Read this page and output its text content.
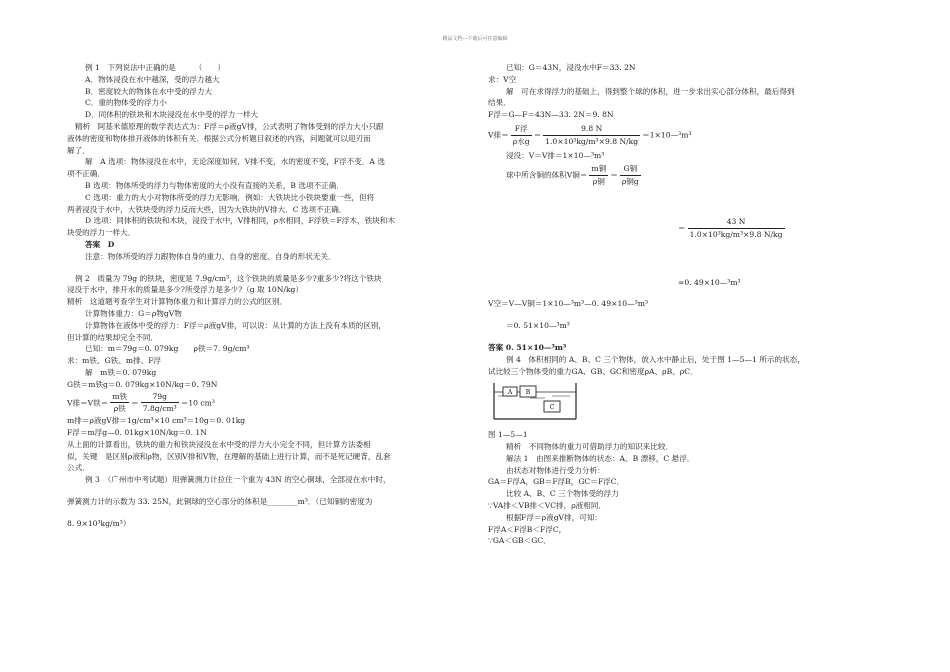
精品文档---下载后可任意编辑

例 1　下列说法中正确的是　　　（　　）

A．物体浸没在水中越深，受的浮力越大

B．密度较大的物体在水中受的浮力大

C．重的物体受的浮力小

D．同体积的铁块和木块浸没在水中受的浮力一样大

精析　阿基米德原理的数学表达式为：F浮＝ρ液gV排，公式表明了物体受到的浮力大小只跟

液体的密度和物体排开液体的体积有关．根据公式分析题目叙述的内容，问题就可以迎刃而

解了．

解　A 选项：物体浸没在水中，无论深度如何，V排不变，水的密度不变，F浮不变．A 选

项不正确．

B 选项：物体所受的浮力与物体密度的大小没有直接的关系，B 选项不正确．

C 选项：重力的大小对物体所受的浮力无影响．例如：大铁块比小铁块要重一些，但将

两者浸没于水中，大铁块受的浮力反而大些，因为大铁块的V排大．C 选项不正确．

D 选项：同体积的铁块和木块，浸没于水中，V排相同，ρ水相同，F浮铁＝F浮木，铁块和木

块受的浮力一样大．

答案　D

注意：物体所受的浮力跟物体自身的重力、自身的密度、自身的形状无关．

例 2　质量为 79g 的铁块，密度是 7.9g/cm³，这个铁块的质量是多少?重多少?将这个铁块

浸没于水中，排开水的质量是多少?所受浮力是多少?（g 取 10N/kg）

精析　这道题考查学生对计算物体重力和计算浮力的公式的区别．

计算物体重力：G＝ρ物gV物

计算物体在液体中受的浮力：F浮＝ρ液gV排，可以说：从计算的方法上没有本质的区别，

但计算的结果却完全不同．

已知：m＝79g＝0. 079kg　　ρ铁＝7. 9g/cm³

求：m铁、G铁、m排、F浮

解　m铁＝0. 079kg

G铁＝m铁g＝0. 079kg×10N/kg＝0. 79N

V排＝V铁＝ $\frac{\text{m铁}}{\text{ρ铁}} = \frac{79g}{\text{7.8g/cm³}} =10$ cm³

m排＝ρ液gV排＝1g/cm³×10 cm³＝10g＝0. 01kg

F浮＝m浮g—0. 01kg×10N/kg＝0. 1N

从上面的计算看出，铁块的重力和铁块浸没在水中受的浮力大小完全不同，但计算方法委相

似，关键　是区别ρ液和ρ物，区别V排和V物，在理解的基础上进行计算，而不是死记硬背，乱套

公式．

例 3　（广州市中考试题）用弹簧测力计拉住一个重为 43N 的空心铜球，全部浸在水中时，

弹簧测力计的示数为 33. 25N，此铜球的空心部分的体积是________m³．（已知铜的密度为

8. 9×10³kg/m³）

已知：G＝43N，浸没水中F＝33. 2N

求：V空

解　可在求得浮力的基础上，得到整个球的体积，进一步求出实心部分体积，最后得到

结果．

F浮＝G—F＝43N—33. 2N＝9. 8N

V排＝ $\frac{\text{F浮}}{\text{ρ水g}} = \frac{9.8 N}{\text{1.0×10³kg/m³×9.8 N/kg}}$ ＝1×10—³m³

浸没：V＝V排＝1×10—³m³

球中所含铜的体积V铜＝ $\frac{\text{m铜}}{\text{ρ铜}} = \frac{\text{G铜}}{\text{ρ铜g}}$

＝ $\frac{43 N}{\text{1.0×10³kg/m³×9.8 N/kg}}$

≈0. 49×10—³m³

V空＝V—V铜＝1×10—³m³—0. 49×10—³m³

＝0. 51×10—³m³

答案 0. 51×10—³m³

例 4　体积相同的 A、B、C 三个物体，放入水中静止后，处于图 1—5—1 所示的状态，

试比较三个物体受的重力GA、GB、GC和密度ρA、ρB、ρC．

A B
C

图 1—5—1

精析　不同物体的重力可借助浮力的知识来比较．

解法 1　由图来推断物体的状态：A、B 漂移，C 悬浮．

由状态对物体进行受力分析：

GA＝F浮A，GB＝F浮B，GC＝F浮C．

比较 A、B、C 三个物体受的浮力

∵VA排＜VB排＜VC排，ρ液相同．

根据F浮＝ρ液gV排，可知：

F浮A＜F浮B＜F浮C，

∵GA＜GB＜GC．
